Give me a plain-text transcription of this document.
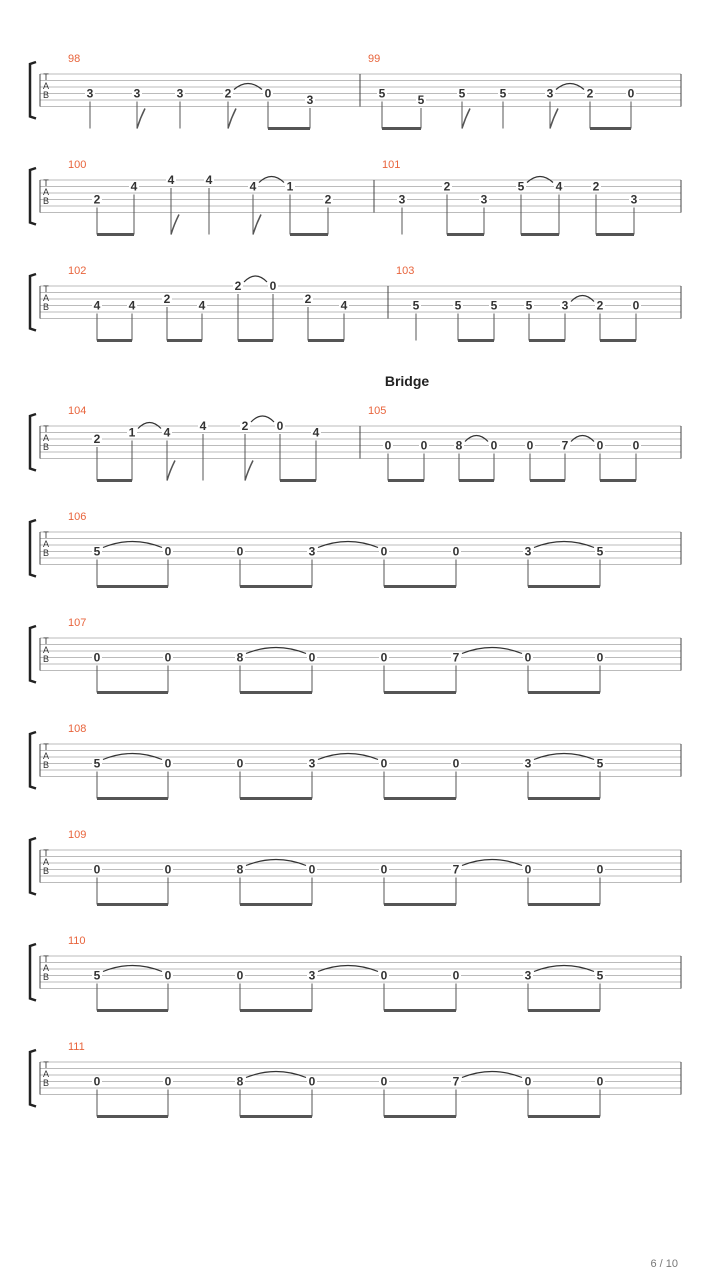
Bridge
T
A
B
98
3	3	3	2	0	3
99
5	5	5	5	3	2	0
T
A
B
100
2
4	4	4	4	1
2
101
3
2
3
5	4	2
3
T
A
B
102
4 4 2 4
2 0
2 4
103
5	5 5 5 3 2 0
T
A
B
104
2 1 4 4	2 0 4
105
0 0 8 0 0 7 0 0
T
A
B
106
5	0	0	3	0	0	3	5
T
A
B
107
0	0	8	0	0	7	0	0
T
A
B
108
5	0	0	3	0	0	3	5
T
A
B
109
0	0	8	0	0	7	0	0
T
A
B
110
5	0	0	3	0	0	3	5
T
A
B
111
0	0	8	0	0	7	0	0
6 / 10
